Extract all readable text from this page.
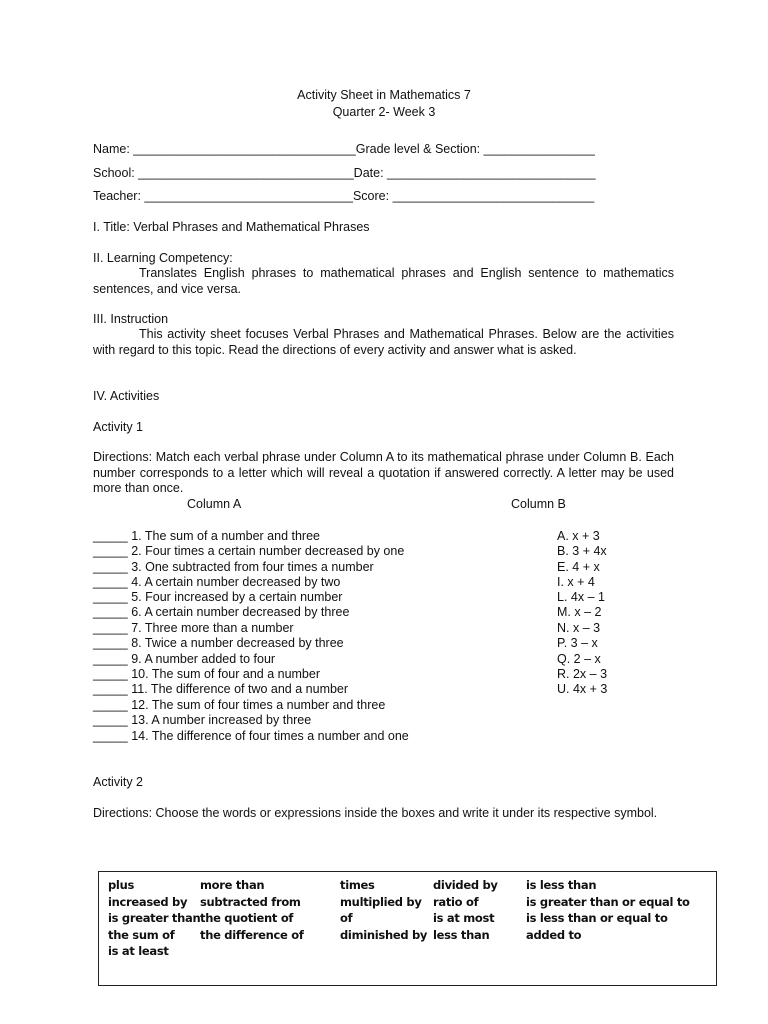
Activity Sheet in Mathematics 7
Quarter 2- Week 3
Name: ________________________________Grade level & Section: ________________
School: _______________________________Date: ______________________________
Teacher: ______________________________Score: _____________________________
I. Title: Verbal Phrases and Mathematical Phrases
II. Learning Competency:
Translates English phrases to mathematical phrases and English sentence to mathematics sentences, and vice versa.
III. Instruction
This activity sheet focuses Verbal Phrases and Mathematical Phrases. Below are the activities with regard to this topic. Read the directions of every activity and answer what is asked.
IV. Activities
Activity 1
Directions: Match each verbal phrase under Column A to its mathematical phrase under Column B. Each number corresponds to a letter which will reveal a quotation if answered correctly. A letter may be used more than once.
Column A	Column B
_____ 1. The sum of a number and three
_____ 2. Four times a certain number decreased by one
_____ 3. One subtracted from four times a number
_____ 4. A certain number decreased by two
_____ 5. Four increased by a certain number
_____ 6. A certain number decreased by three
_____ 7. Three more than a number
_____ 8. Twice a number decreased by three
_____ 9. A number added to four
_____ 10. The sum of four and a number
_____ 11. The difference of two and a number
_____ 12. The sum of four times a number and three
_____ 13. A number increased by three
_____ 14. The difference of four times a number and one
A. x + 3
B. 3 + 4x
E. 4 + x
I. x + 4
L. 4x – 1
M. x – 2
N. x – 3
P. 3 – x
Q. 2 – x
R. 2x – 3
U. 4x + 3
Activity 2
Directions: Choose the words or expressions inside the boxes and write it under its respective symbol.
plus
increased by
is greater than
the sum of
is at least
more than
subtracted from
the quotient of
the difference of
times
multiplied by
of
diminished by
divided by
ratio of
is at most
less than
is less than
is greater than or equal to
is less than or equal to
added to
